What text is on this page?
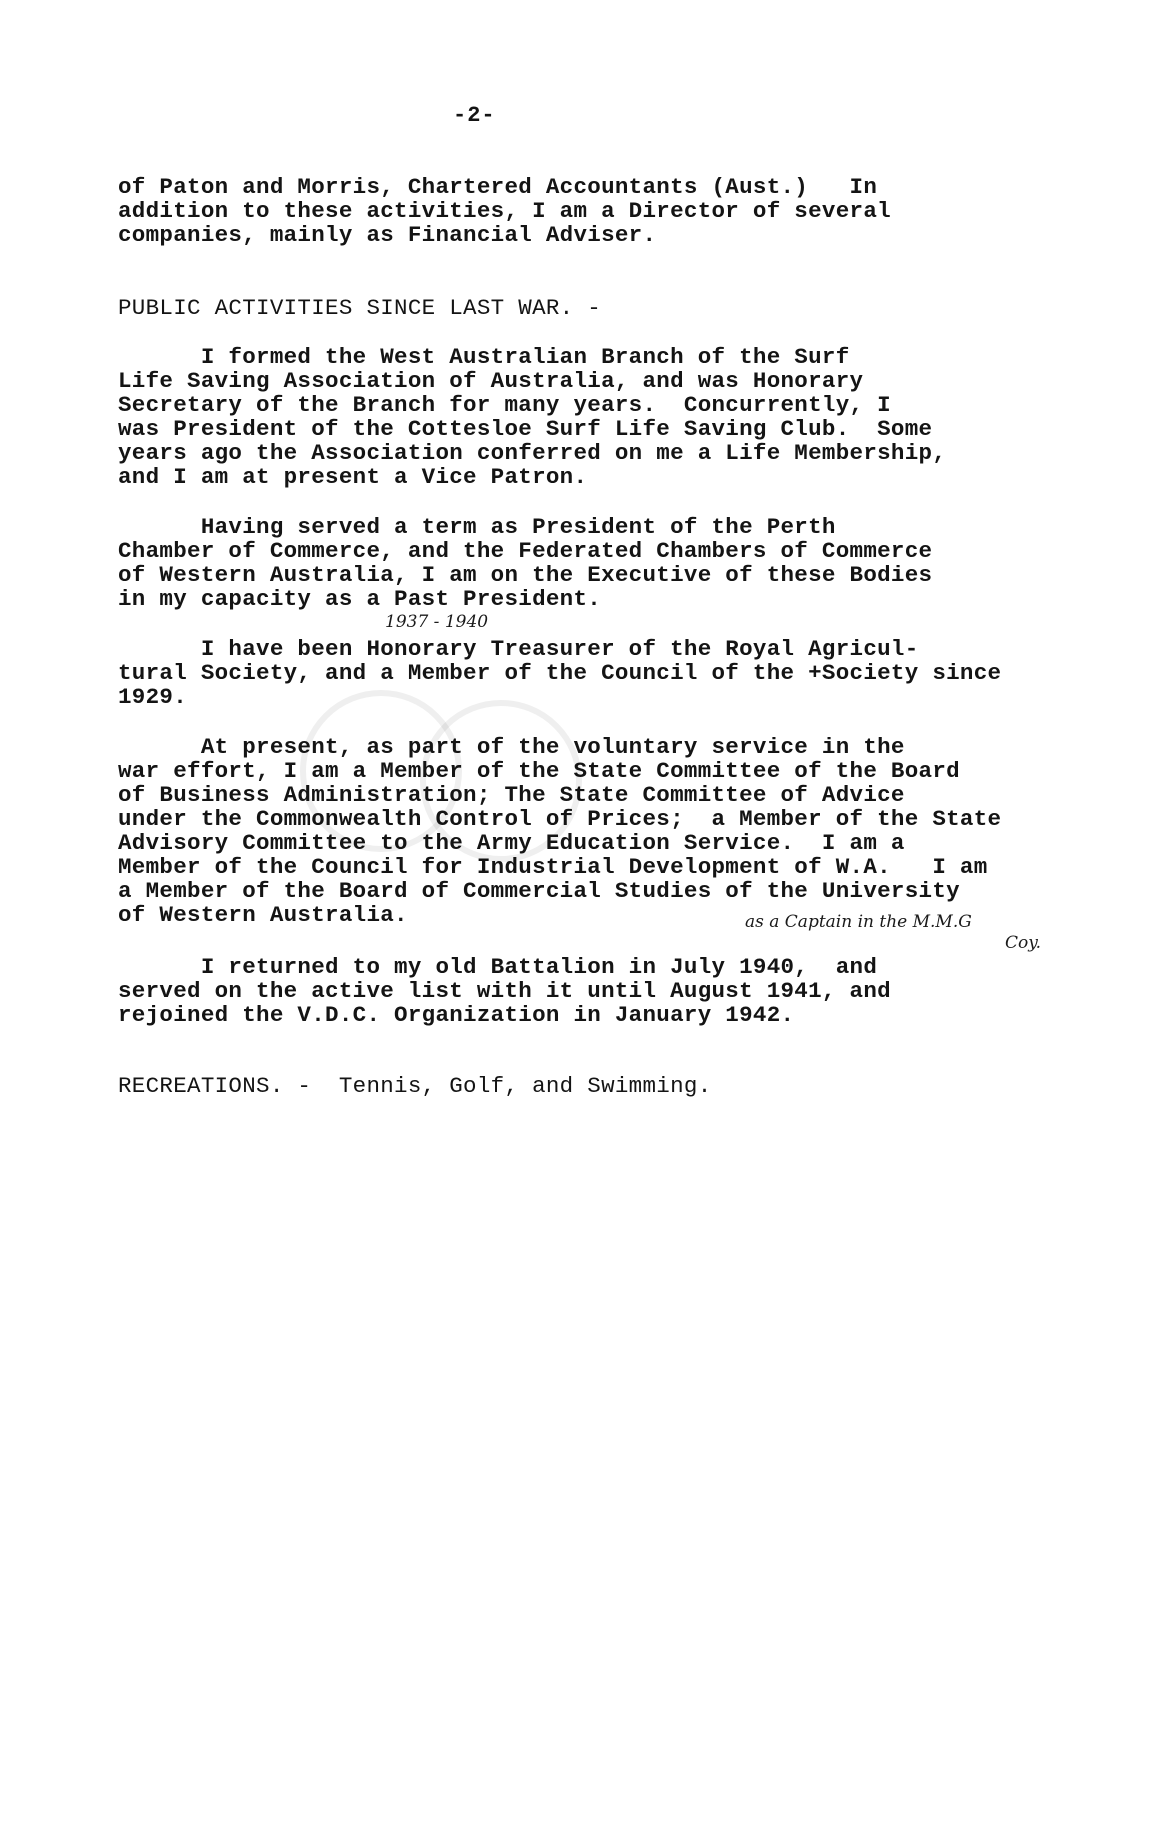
-2-
of Paton and Morris, Chartered Accountants (Aust.)   In
addition to these activities, I am a Director of several
companies, mainly as Financial Adviser.
PUBLIC ACTIVITIES SINCE LAST WAR. -
I formed the West Australian Branch of the Surf
Life Saving Association of Australia, and was Honorary
Secretary of the Branch for many years.  Concurrently, I
was President of the Cottesloe Surf Life Saving Club.  Some
years ago the Association conferred on me a Life Membership,
and I am at present a Vice Patron.
Having served a term as President of the Perth
Chamber of Commerce, and the Federated Chambers of Commerce
of Western Australia, I am on the Executive of these Bodies
in my capacity as a Past President.
1937 - 1940
I have been Honorary Treasurer of the Royal Agricul-
tural Society, and a Member of the Council of the +Society since
1929.
At present, as part of the voluntary service in the
war effort, I am a Member of the State Committee of the Board
of Business Administration; The State Committee of Advice
under the Commonwealth Control of Prices;  a Member of the State
Advisory Committee to the Army Education Service.  I am a
Member of the Council for Industrial Development of W.A.   I am
a Member of the Board of Commercial Studies of the University
of Western Australia.	as a Captain in the M.M.G
Coy.
I returned to my old Battalion in July 1940,  and
served on the active list with it until August 1941, and
rejoined the V.D.C. Organization in January 1942.
RECREATIONS. -  Tennis, Golf, and Swimming.
